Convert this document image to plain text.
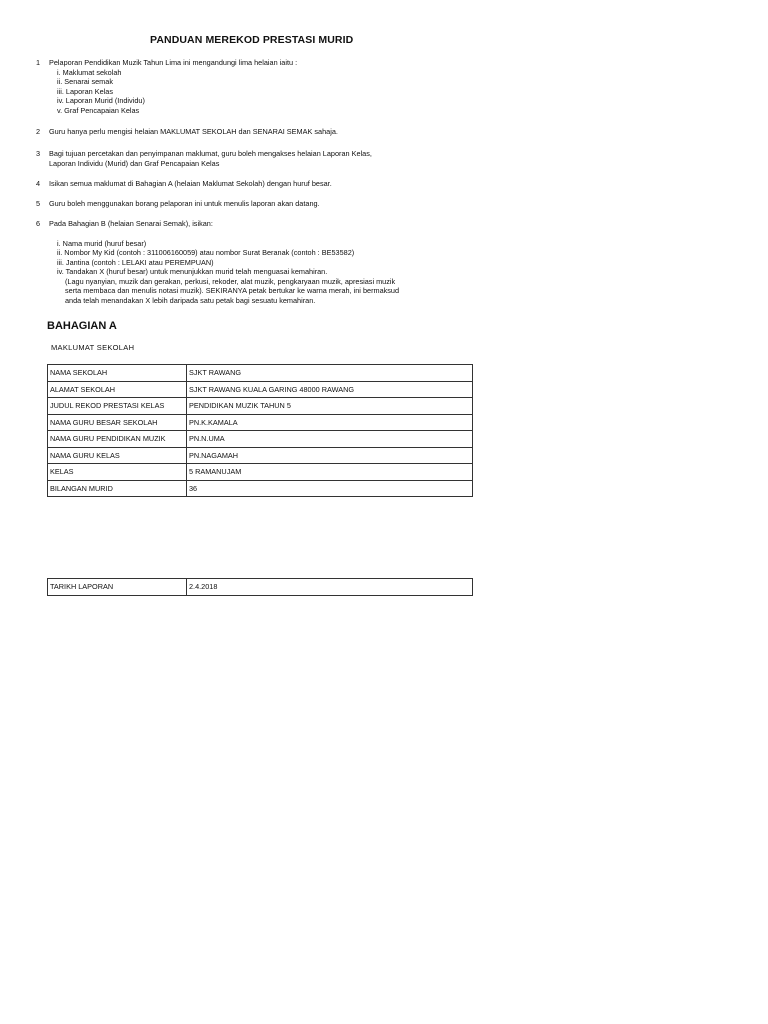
PANDUAN MEREKOD PRESTASI MURID
1	Pelaporan Pendidikan Muzik Tahun Lima ini mengandungi lima helaian iaitu :
i. Maklumat sekolah
ii. Senarai semak
iii. Laporan Kelas
iv. Laporan Murid (Individu)
v. Graf Pencapaian Kelas
2	Guru hanya perlu mengisi helaian MAKLUMAT SEKOLAH dan SENARAI SEMAK sahaja.
3	Bagi tujuan percetakan dan penyimpanan maklumat, guru boleh mengakses helaian Laporan Kelas,
Laporan Individu (Murid) dan Graf Pencapaian Kelas
4	Isikan semua maklumat di Bahagian A (helaian Maklumat Sekolah) dengan huruf besar.
5	Guru boleh menggunakan borang pelaporan ini untuk menulis laporan akan datang.
6	Pada Bahagian B (helaian Senarai Semak), isikan:
i. Nama murid (huruf besar)
ii. Nombor My Kid (contoh : 311006160059) atau nombor Surat Beranak (contoh : BE53582)
iii. Jantina (contoh : LELAKI atau PEREMPUAN)
iv. Tandakan X (huruf besar) untuk menunjukkan murid telah menguasai kemahiran.
(Lagu nyanyian, muzik dan gerakan, perkusi, rekoder, alat muzik, pengkaryaan muzik, apresiasi muzik
serta membaca dan menulis notasi muzik). SEKIRANYA petak bertukar ke warna merah, ini bermaksud
anda telah menandakan X lebih daripada satu petak bagi sesuatu kemahiran.
BAHAGIAN A
MAKLUMAT SEKOLAH
NAMA SEKOLAH	SJKT RAWANG
ALAMAT SEKOLAH	SJKT RAWANG KUALA GARING 48000 RAWANG
JUDUL REKOD PRESTASI KELAS	PENDIDIKAN MUZIK TAHUN 5
NAMA GURU BESAR SEKOLAH	PN.K.KAMALA
NAMA GURU PENDIDIKAN MUZIK	PN.N.UMA
NAMA GURU KELAS	PN.NAGAMAH
KELAS	5 RAMANUJAM
BILANGAN MURID	36
TARIKH LAPORAN	2.4.2018
